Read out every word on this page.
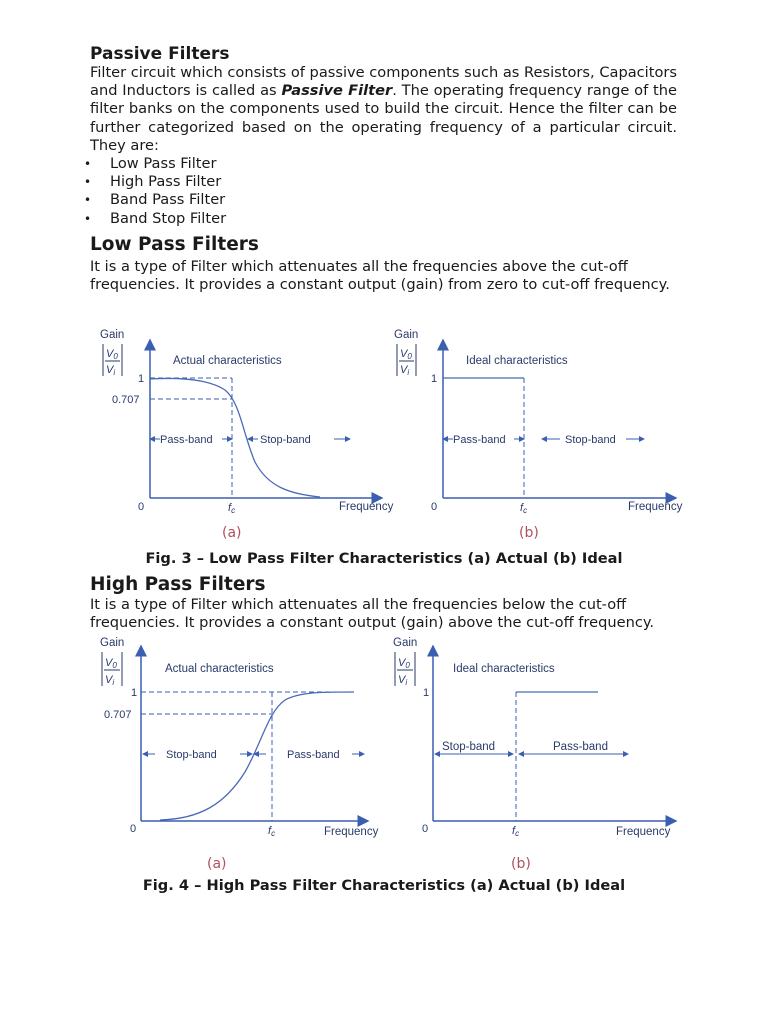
Passive Filters

Filter circuit which consists of passive components such as Resistors, Capacitors and Inductors is called as Passive Filter. The operating frequency range of the filter banks on the components used to build the circuit. Hence the filter can be further categorized based on the operating frequency of a particular circuit. They are:

• Low Pass Filter
• High Pass Filter
• Band Pass Filter
• Band Stop Filter
Low Pass Filters

It is a type of Filter which attenuates all the frequencies above the cut-off frequencies. It provides a constant output (gain) from zero to cut-off frequency.

Gain
V0
Vi
Actual characteristics
1
0.707
0	fc	Frequency
Pass-band	Stop-band
(a)
Gain
V0
Vi
Ideal characteristics
1
0	fc	Frequency
Pass-band	Stop-band
(b)
Fig. 3 – Low Pass Filter Characteristics (a) Actual (b) Ideal
High Pass Filters

It is a type of Filter which attenuates all the frequencies below the cut-off frequencies. It provides a constant output (gain) above the cut-off frequency.

Gain
V0
Vi
Actual characteristics
1
0.707
0	fc	Frequency
Stop-band	Pass-band
(a)
Gain
V0
Vi
Ideal characteristics
1
0	fc	Frequency
Stop-band	Pass-band
(b)
Fig. 4 – High Pass Filter Characteristics (a) Actual (b) Ideal
